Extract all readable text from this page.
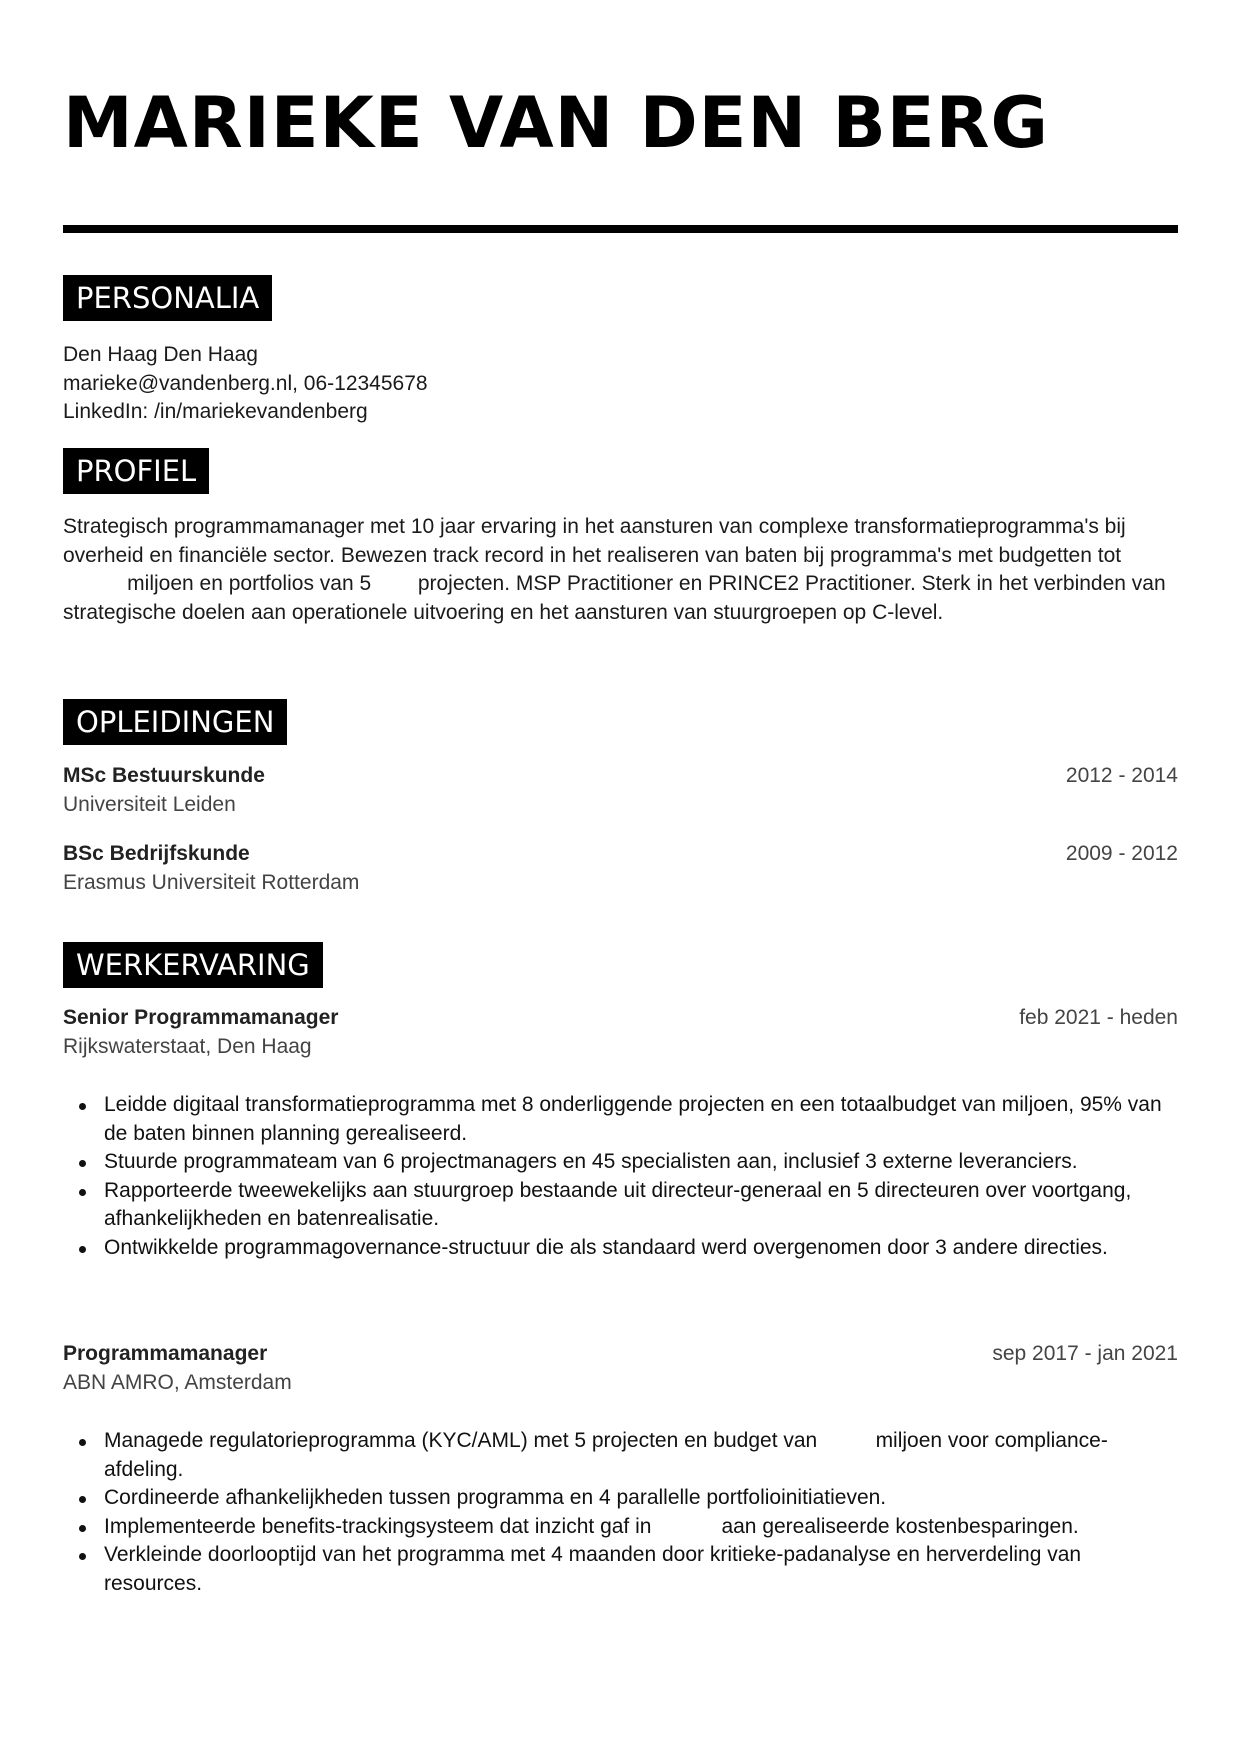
MARIEKE VAN DEN BERG
PERSONALIA
Den Haag Den Haag
marieke@vandenberg.nl, 06-12345678
LinkedIn: /in/mariekevandenberg
PROFIEL

Strategisch programmamanager met 10 jaar ervaring in het aansturen van complexe transformatieprogramma's bij overheid en financiële sector. Bewezen track record in het realiseren van baten bij programma's met budgetten tot            miljoen en portfolios van 5        projecten. MSP Practitioner en PRINCE2 Practitioner. Sterk in het verbinden van strategische doelen aan operationele uitvoering en het aansturen van stuurgroepen op C-level.

OPLEIDINGEN
MSc Bestuurskunde	2012 - 2014
Universiteit Leiden
BSc Bedrijfskunde	2009 - 2012
Erasmus Universiteit Rotterdam
WERKERVARING
Senior Programmamanager	feb 2021 - heden
Rijkswaterstaat, Den Haag
Leidde digitaal transformatieprogramma met 8 onderliggende projecten en een totaalbudget van miljoen, 95% van de baten binnen planning gerealiseerd.
Stuurde programmateam van 6 projectmanagers en 45 specialisten aan, inclusief 3 externe leveranciers.
Rapporteerde tweewekelijks aan stuurgroep bestaande uit directeur-generaal en 5 directeuren over voortgang, afhankelijkheden en batenrealisatie.
Ontwikkelde programmagovernance-structuur die als standaard werd overgenomen door 3 andere directies.
Programmamanager	sep 2017 - jan 2021
ABN AMRO, Amsterdam
Managede regulatorieprogramma (KYC/AML) met 5 projecten en budget van          miljoen voor compliance-afdeling.
Cordineerde afhankelijkheden tussen programma en 4 parallelle portfolioinitiatieven.
Implementeerde benefits-trackingsysteem dat inzicht gaf in            aan gerealiseerde kostenbesparingen.
Verkleinde doorlooptijd van het programma met 4 maanden door kritieke-padanalyse en herverdeling van resources.
